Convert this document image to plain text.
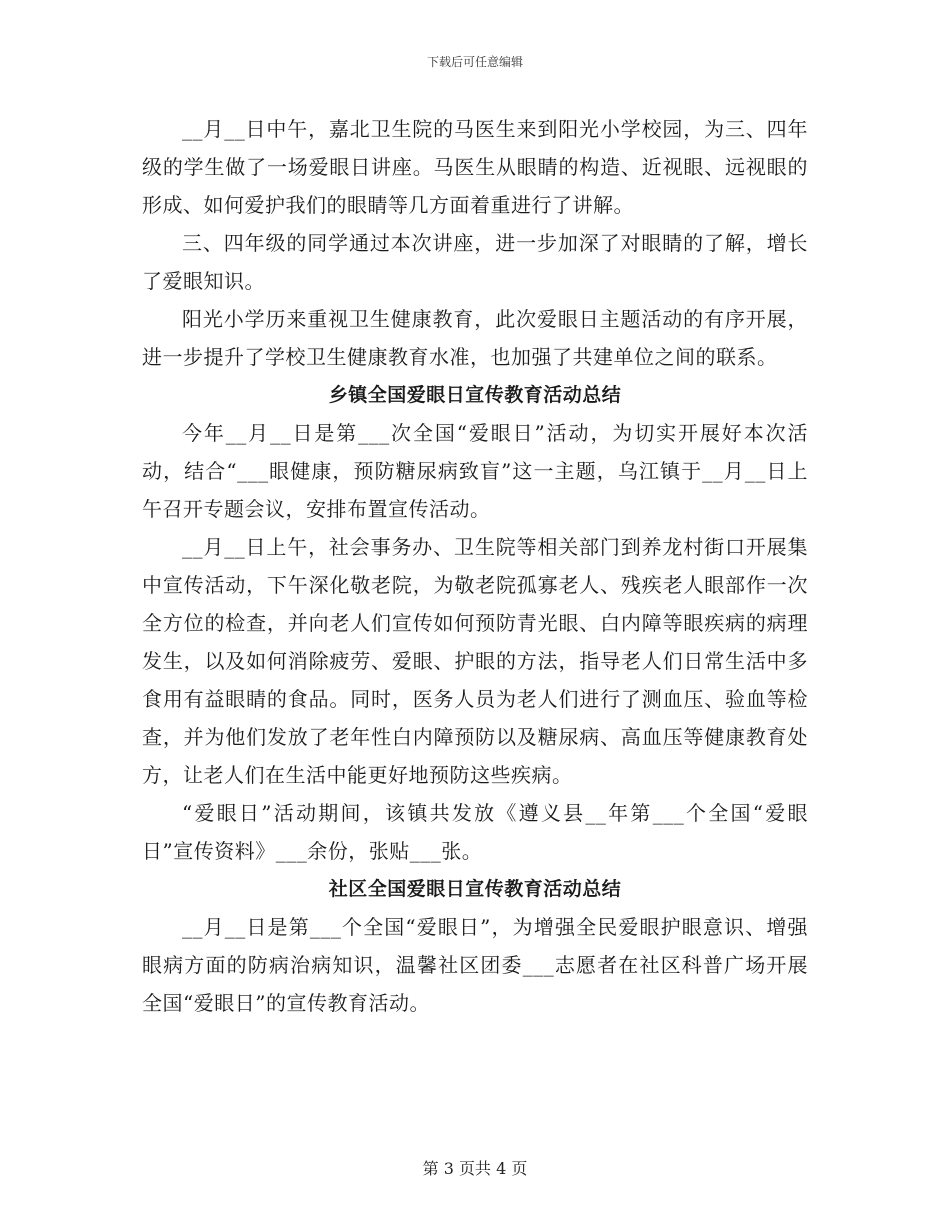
下载后可任意编辑

__月__日中午，嘉北卫生院的马医生来到阳光小学校园，为三、四年级的学生做了一场爱眼日讲座。马医生从眼睛的构造、近视眼、远视眼的形成、如何爱护我们的眼睛等几方面着重进行了讲解。

三、四年级的同学通过本次讲座，进一步加深了对眼睛的了解，增长了爱眼知识。

阳光小学历来重视卫生健康教育，此次爱眼日主题活动的有序开展，进一步提升了学校卫生健康教育水准，也加强了共建单位之间的联系。

乡镇全国爱眼日宣传教育活动总结

今年__月__日是第___次全国“爱眼日”活动，为切实开展好本次活动，结合“___眼健康，预防糖尿病致盲”这一主题，乌江镇于__月__日上午召开专题会议，安排布置宣传活动。

__月__日上午，社会事务办、卫生院等相关部门到养龙村街口开展集中宣传活动，下午深化敬老院，为敬老院孤寡老人、残疾老人眼部作一次全方位的检查，并向老人们宣传如何预防青光眼、白内障等眼疾病的病理发生，以及如何消除疲劳、爱眼、护眼的方法，指导老人们日常生活中多食用有益眼睛的食品。同时，医务人员为老人们进行了测血压、验血等检查，并为他们发放了老年性白内障预防以及糖尿病、高血压等健康教育处方，让老人们在生活中能更好地预防这些疾病。

“爱眼日”活动期间，该镇共发放《遵义县__年第___个全国“爱眼日”宣传资料》___余份，张贴___张。

社区全国爱眼日宣传教育活动总结

__月__日是第___个全国“爱眼日”，为增强全民爱眼护眼意识、增强眼病方面的防病治病知识，温馨社区团委___志愿者在社区科普广场开展全国“爱眼日”的宣传教育活动。

第 3 页共 4 页
